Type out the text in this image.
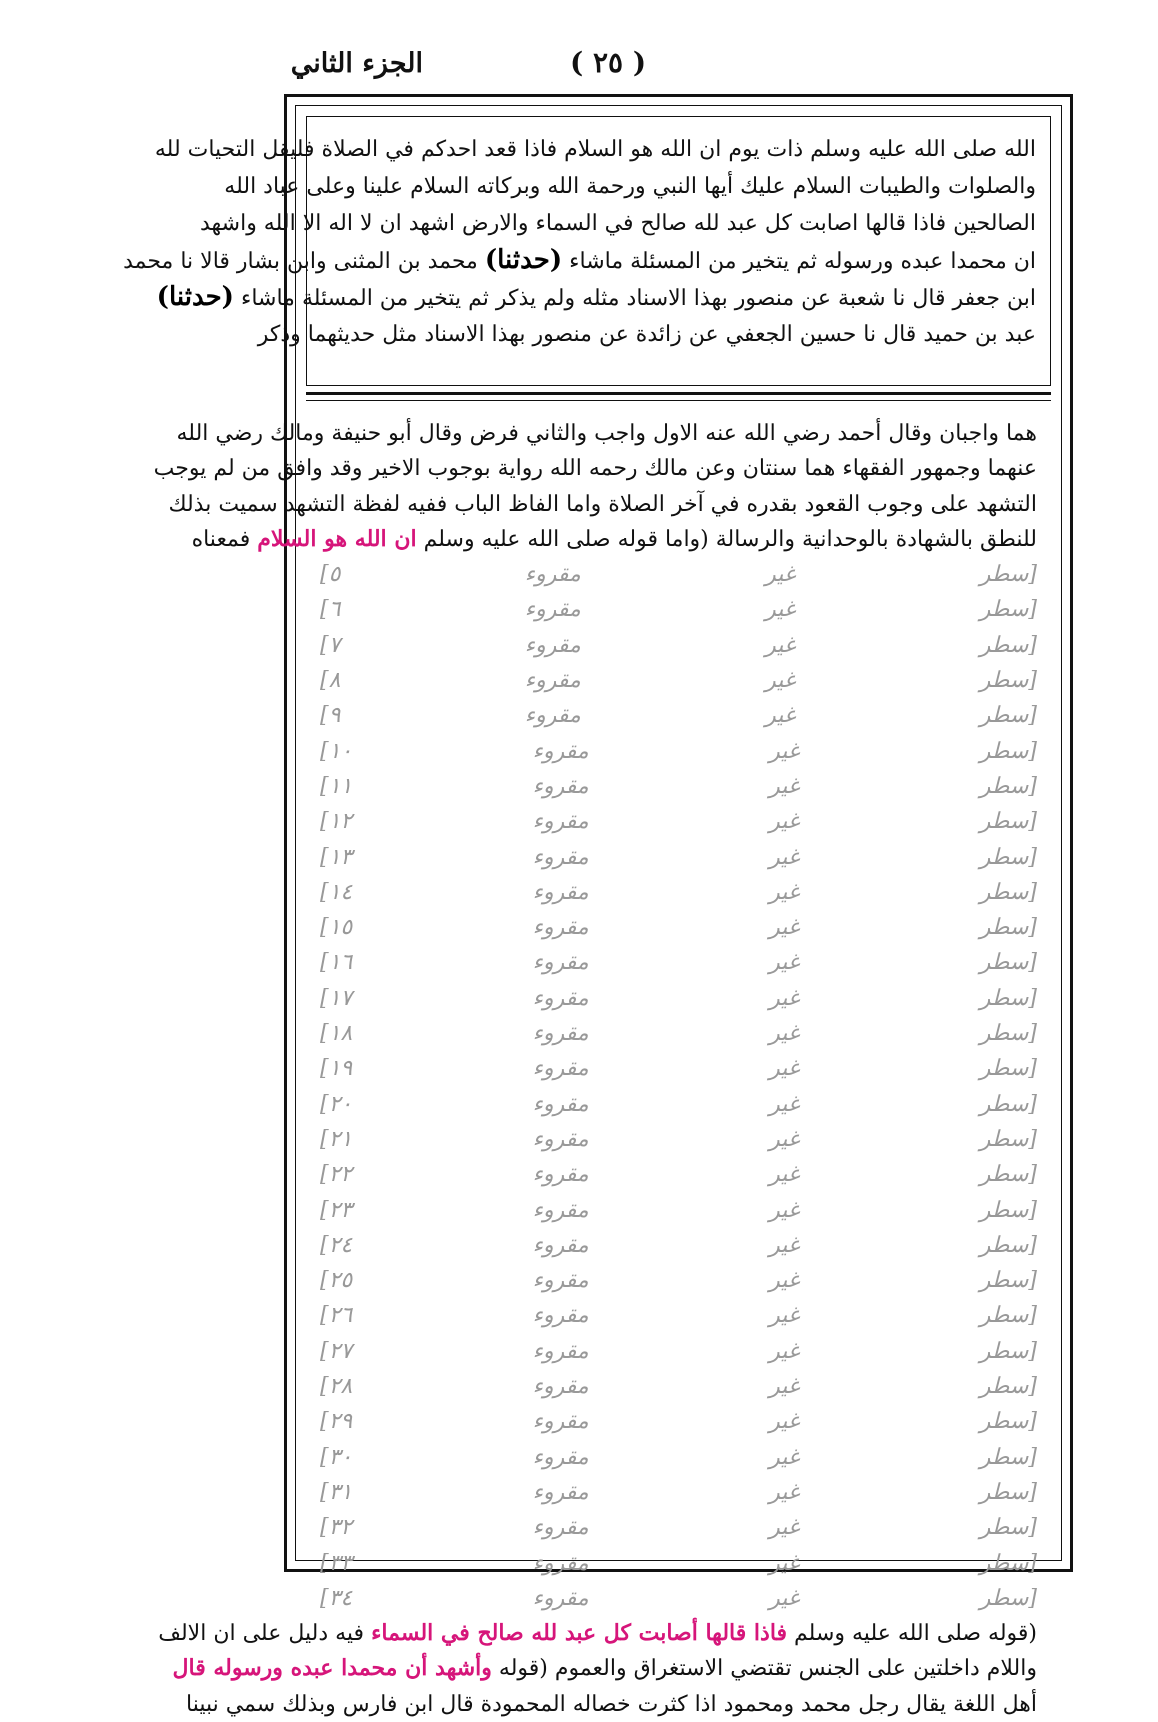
الجزء الثاني	( ٢٥ )
الله صلى الله عليه وسلم ذات يوم ان الله هو السلام فاذا قعد احدكم في الصلاة فليقل التحيات لله
والصلوات والطيبات السلام عليك أيها النبي ورحمة الله وبركاته السلام علينا وعلى عباد الله
الصالحين فاذا قالها اصابت كل عبد لله صالح في السماء والارض اشهد ان لا اله الا الله واشهد
ان محمدا عبده ورسوله ثم يتخير من المسئلة ماشاء (حدثنا) محمد بن المثنى وابن بشار قالا نا محمد
ابن جعفر قال نا شعبة عن منصور بهذا الاسناد مثله ولم يذكر ثم يتخير من المسئلة ماشاء (حدثنا)
عبد بن حميد قال نا حسين الجعفي عن زائدة عن منصور بهذا الاسناد مثل حديثهما وذكر
هما واجبان وقال أحمد رضي الله عنه الاول واجب والثاني فرض وقال أبو حنيفة ومالك رضي الله
عنهما وجمهور الفقهاء هما سنتان وعن مالك رحمه الله رواية بوجوب الاخير وقد وافق من لم يوجب
التشهد على وجوب القعود بقدره في آخر الصلاة واما الفاظ الباب ففيه لفظة التشهد سميت بذلك
للنطق بالشهادة بالوحدانية والرسالة (واما قوله صلى الله عليه وسلم ان الله هو السلام فمعناه
[سطر غير مقروء ٥]
[سطر غير مقروء ٦]
[سطر غير مقروء ٧]
[سطر غير مقروء ٨]
[سطر غير مقروء ٩]
[سطر غير مقروء ١٠]
[سطر غير مقروء ١١]
[سطر غير مقروء ١٢]
[سطر غير مقروء ١٣]
[سطر غير مقروء ١٤]
[سطر غير مقروء ١٥]
[سطر غير مقروء ١٦]
[سطر غير مقروء ١٧]
[سطر غير مقروء ١٨]
[سطر غير مقروء ١٩]
[سطر غير مقروء ٢٠]
[سطر غير مقروء ٢١]
[سطر غير مقروء ٢٢]
[سطر غير مقروء ٢٣]
[سطر غير مقروء ٢٤]
[سطر غير مقروء ٢٥]
[سطر غير مقروء ٢٦]
[سطر غير مقروء ٢٧]
[سطر غير مقروء ٢٨]
[سطر غير مقروء ٢٩]
[سطر غير مقروء ٣٠]
[سطر غير مقروء ٣١]
[سطر غير مقروء ٣٢]
[سطر غير مقروء ٣٣]
[سطر غير مقروء ٣٤]
(قوله صلى الله عليه وسلم فاذا قالها أصابت كل عبد لله صالح في السماء فيه دليل على ان الالف
واللام داخلتين على الجنس تقتضي الاستغراق والعموم (قوله وأشهد أن محمدا عبده ورسوله قال
أهل اللغة يقال رجل محمد ومحمود اذا كثرت خصاله المحمودة قال ابن فارس وبذلك سمي نبينا
